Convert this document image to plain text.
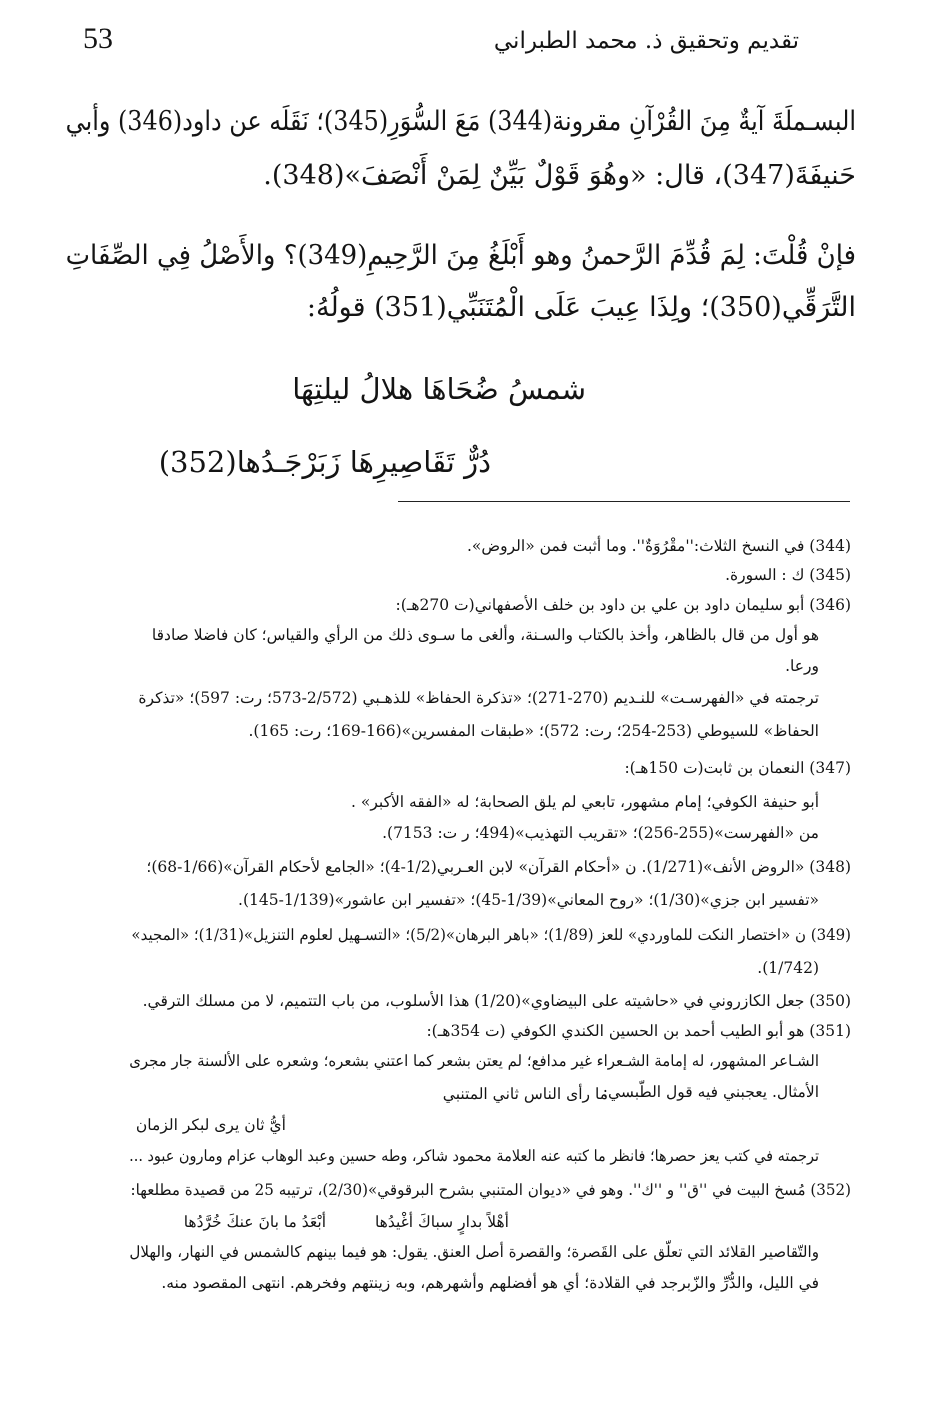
53	تقديم وتحقيق ذ. محمد الطبراني
البسـملَةَ آيةٌ مِنَ القُرْآنِ مقرونة(344) مَعَ السُّوَرِ(345)؛ نَقَلَه عن داود(346) وأبي
حَنيفَةَ(347)، قال: «وهُوَ قَوْلٌ بَيِّنٌ لِمَنْ أَنْصَفَ»(348).
فإنْ قُلْتَ: لِمَ قُدِّمَ الرَّحمنُ وهو أَبْلَغُ مِنَ الرَّحِيمِ(349)؟ والأَصْلُ فِي الصِّفَاتِ
التَّرَقِّي(350)؛ ولِذَا عِيبَ عَلَى الْمُتَنَبِّي(351) قولُهُ:
شمسُ ضُحَاهَا هلالُ ليلتِهَا
دُرٌّ تَقَاصِيرِهَا زَبَرْجَـدُها(352)
(344) في النسخ الثلاث:''مقْرُوَةٌ''. وما أثبت فمن «الروض».
(345) ك : السورة.
(346) أبو سليمان داود بن علي بن داود بن خلف الأصفهاني(ت 270هـ):
هو أول من قال بالظاهر، وأخذ بالكتاب والسـنة، وألغى ما سـوى ذلك من الرأي والقياس؛ كان فاضلا صادقا
ورعا.
ترجمته في «الفهرسـت» للنـديم (270-271)؛ «تذكرة الحفاظ» للذهـبي (2/572-573؛ رت: 597)؛ «تذكرة
الحفاظ» للسيوطي (253-254؛ رت: 572)؛ «طبقات المفسرين»(166-169؛ رت: 165).
(347) النعمان بن ثابت(ت 150هـ):
أبو حنيفة الكوفي؛ إمام مشهور، تابعي لم يلق الصحابة؛ له «الفقه الأكبر» .
من «الفهرست»(255-256)؛ «تقريب التهذيب»(494؛ ر ت: 7153).
(348) «الروض الأنف»(1/271). ن «أحكام القرآن» لابن العـربي(1/2-4)؛ «الجامع لأحكام القرآن»(1/66-68)؛
«تفسير ابن جزي»(1/30)؛ «روح المعاني»(1/39-45)؛ «تفسير ابن عاشور»(1/139-145).
(349) ن «اختصار النكت للماوردي» للعز (1/89)؛ «باهر البرهان»(5/2)؛ «التسـهيل لعلوم التنزيل»(1/31)؛ «المجيد»
(1/742).
(350) جعل الكازروني في «حاشيته على البيضاوي»(1/20) هذا الأسلوب، من باب التتميم، لا من مسلك الترقي.
(351) هو أبو الطيب أحمد بن الحسين الكندي الكوفي (ت 354هـ):
الشـاعر المشهور، له إمامة الشـعراء غير مدافع؛ لم يعتن بشعر كما اعتني بشعره؛ وشعره على الألسنة جار مجرى
الأمثال. يعجبني فيه قول الطّبسي:
ما رأى الناس ثاني المتنبي
أيُّ ثان يرى لبكر الزمان
ترجمته في كتب يعز حصرها؛ فانظر ما كتبه عنه العلامة محمود شاكر، وطه حسين وعبد الوهاب عزام ومارون عبود ...
(352) مُسخ البيت في ''ق'' و ''ك''. وهو في «ديوان المتنبي بشرح البرقوقي»(2/30)، ترتيبه 25 من قصيدة مطلعها:
أهْلاً بدارٍ سباكَ أغْيدُها
أبْعَدُ ما بانَ عنكَ خُرَّدُها
والتّقاصير القلائد التي تعلّق على القَصرة؛ والقصرة أصل العنق. يقول: هو فيما بينهم كالشمس في النهار، والهلال
في الليل، والدُّرِّ والزّبرجد في القلادة؛ أي هو أفضلهم وأشهرهم، وبه زينتهم وفخرهم. انتهى المقصود منه.
